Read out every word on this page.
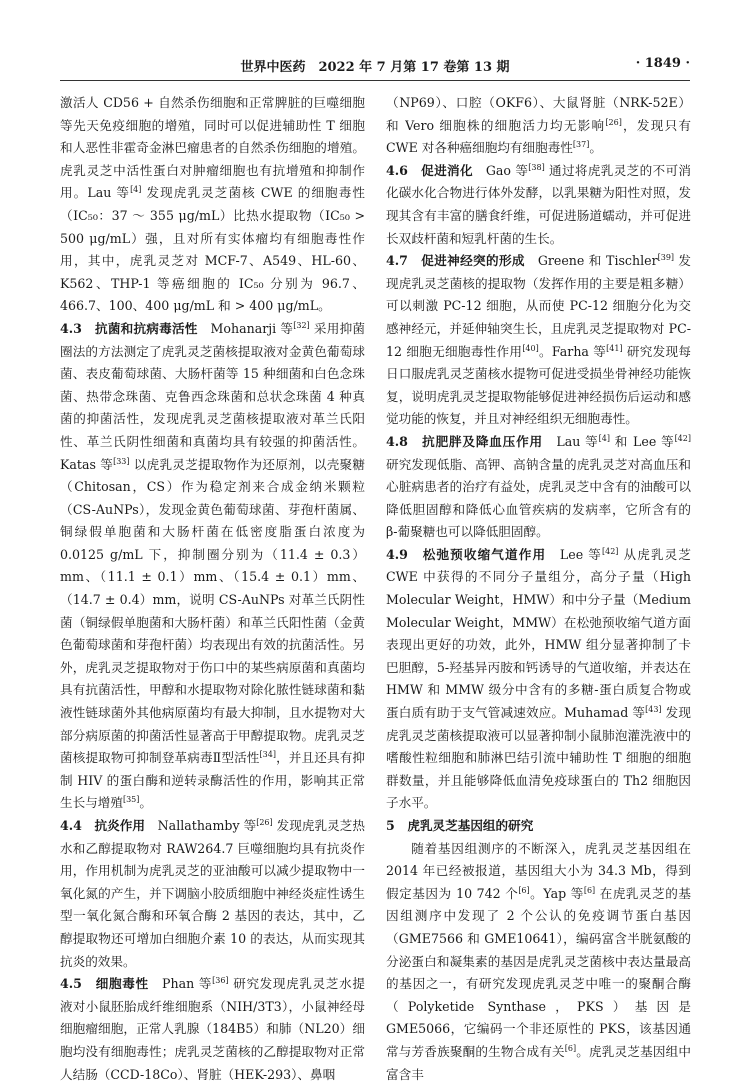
世界中医药　2022 年 7 月第 17 卷第 13 期	· 1849 ·

激活人 CD56 + 自然杀伤细胞和正常脾脏的巨噬细胞等先天免疫细胞的增殖，同时可以促进辅助性 T 细胞和人恶性非霍奇金淋巴瘤患者的自然杀伤细胞的增殖。虎乳灵芝中活性蛋白对肿瘤细胞也有抗增殖和抑制作用。Lau 等[4] 发现虎乳灵芝菌核 CWE 的细胞毒性（IC₅₀：37 ～ 355 μg/mL）比热水提取物（IC₅₀ > 500 μg/mL）强，且对所有实体瘤均有细胞毒性作用，其中，虎乳灵芝对 MCF-7、A549、HL-60、K562、THP-1 等癌细胞的 IC₅₀ 分别为 96.7、466.7、100、400 μg/mL 和 > 400 μg/mL。

4.3　抗菌和抗病毒活性　Mohanarji 等[32] 采用抑菌圈法的方法测定了虎乳灵芝菌核提取液对金黄色葡萄球菌、表皮葡萄球菌、大肠杆菌等 15 种细菌和白色念珠菌、热带念珠菌、克鲁西念珠菌和总状念珠菌 4 种真菌的抑菌活性，发现虎乳灵芝菌核提取液对革兰氏阳性、革兰氏阴性细菌和真菌均具有较强的抑菌活性。Katas 等[33] 以虎乳灵芝提取物作为还原剂，以壳聚糖（Chitosan，CS）作为稳定剂来合成金纳米颗粒（CS-AuNPs），发现金黄色葡萄球菌、芽孢杆菌属、铜绿假单胞菌和大肠杆菌在低密度脂蛋白浓度为 0.0125 g/mL 下，抑制圈分别为（11.4 ± 0.3）mm、（11.1 ± 0.1）mm、（15.4 ± 0.1）mm、（14.7 ± 0.4）mm，说明 CS-AuNPs 对革兰氏阴性菌（铜绿假单胞菌和大肠杆菌）和革兰氏阳性菌（金黄色葡萄球菌和芽孢杆菌）均表现出有效的抗菌活性。另外，虎乳灵芝提取物对于伤口中的某些病原菌和真菌均具有抗菌活性，甲醇和水提取物对除化脓性链球菌和黏液性链球菌外其他病原菌均有最大抑制，且水提物对大部分病原菌的抑菌活性显著高于甲醇提取物。虎乳灵芝菌核提取物可抑制登革病毒Ⅱ型活性[34]，并且还具有抑制 HIV 的蛋白酶和逆转录酶活性的作用，影响其正常生长与增殖[35]。

4.4　抗炎作用　Nallathamby 等[26] 发现虎乳灵芝热水和乙醇提取物对 RAW264.7 巨噬细胞均具有抗炎作用，作用机制为虎乳灵芝的亚油酸可以减少提取物中一氧化氮的产生，并下调脑小胶质细胞中神经炎症性诱生型一氧化氮合酶和环氧合酶 2 基因的表达，其中，乙醇提取物还可增加白细胞介素 10 的表达，从而实现其抗炎的效果。

4.5　细胞毒性　Phan 等[36] 研究发现虎乳灵芝水提液对小鼠胚胎成纤维细胞系（NIH/3T3），小鼠神经母细胞瘤细胞，正常人乳腺（184B5）和肺（NL20）细胞均没有细胞毒性；虎乳灵芝菌核的乙醇提取物对正常人结肠（CCD-18Co）、肾脏（HEK-293）、鼻咽

（NP69）、口腔（OKF6）、大鼠肾脏（NRK-52E）和 Vero 细胞株的细胞活力均无影响[26]，发现只有 CWE 对各种癌细胞均有细胞毒性[37]。

4.6　促进消化　Gao 等[38] 通过将虎乳灵芝的不可消化碳水化合物进行体外发酵，以乳果糖为阳性对照，发现其含有丰富的膳食纤维，可促进肠道蠕动，并可促进长双歧杆菌和短乳杆菌的生长。

4.7　促进神经突的形成　Greene 和 Tischler[39] 发现虎乳灵芝菌核的提取物（发挥作用的主要是粗多糖）可以刺激 PC-12 细胞，从而使 PC-12 细胞分化为交感神经元，并延伸轴突生长，且虎乳灵芝提取物对 PC-12 细胞无细胞毒性作用[40]。Farha 等[41] 研究发现每日口服虎乳灵芝菌核水提物可促进受损坐骨神经功能恢复，说明虎乳灵芝提取物能够促进神经损伤后运动和感觉功能的恢复，并且对神经组织无细胞毒性。

4.8　抗肥胖及降血压作用　Lau 等[4] 和 Lee 等[42] 研究发现低脂、高钾、高钠含量的虎乳灵芝对高血压和心脏病患者的治疗有益处，虎乳灵芝中含有的油酸可以降低胆固醇和降低心血管疾病的发病率，它所含有的 β-葡聚糖也可以降低胆固醇。

4.9　松弛预收缩气道作用　Lee 等[42] 从虎乳灵芝 CWE 中获得的不同分子量组分，高分子量（High Molecular Weight，HMW）和中分子量（Medium Molecular Weight，MMW）在松弛预收缩气道方面表现出更好的功效，此外，HMW 组分显著抑制了卡巴胆醇，5-羟基异丙胺和钙诱导的气道收缩，并表达在 HMW 和 MMW 级分中含有的多糖-蛋白质复合物或蛋白质有助于支气管减速效应。Muhamad 等[43] 发现虎乳灵芝菌核提取液可以显著抑制小鼠肺泡灌洗液中的嗜酸性粒细胞和肺淋巴结引流中辅助性 T 细胞的细胞群数量，并且能够降低血清免疫球蛋白的 Th2 细胞因子水平。

5　虎乳灵芝基因组的研究

随着基因组测序的不断深入，虎乳灵芝基因组在 2014 年已经被报道，基因组大小为 34.3 Mb，得到假定基因为 10 742 个[6]。Yap 等[6] 在虎乳灵芝的基因组测序中发现了 2 个公认的免疫调节蛋白基因（GME7566 和 GME10641），编码富含半胱氨酸的分泌蛋白和凝集素的基因是虎乳灵芝菌核中表达量最高的基因之一，有研究发现虎乳灵芝中唯一的聚酮合酶（Polyketide Synthase，PKS）基因是 GME5066，它编码一个非还原性的 PKS，该基因通常与芳香族聚酮的生物合成有关[6]。虎乳灵芝基因组中富含丰
